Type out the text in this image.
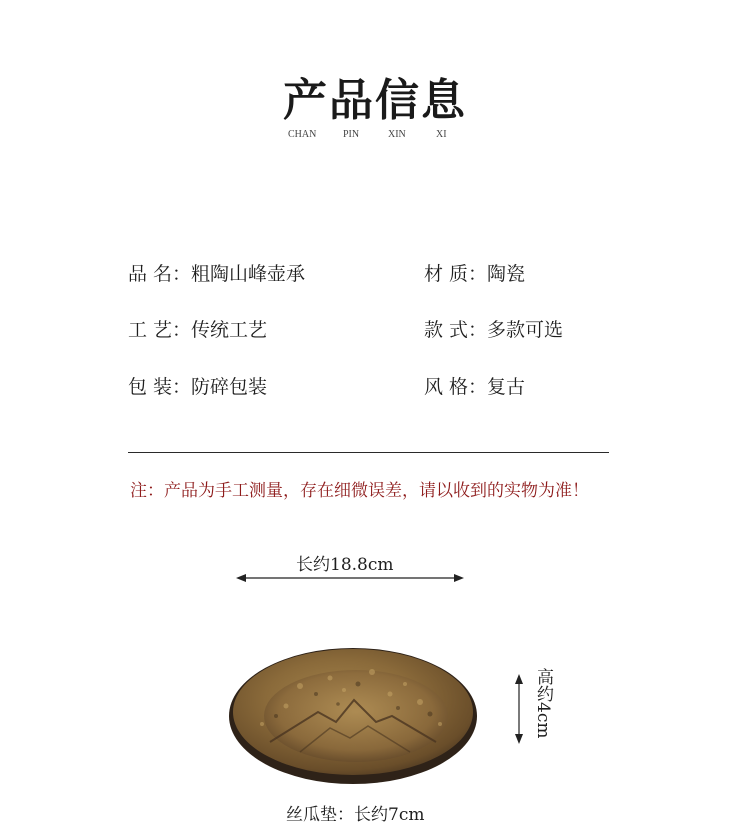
产品信息
CHAN	PIN	XIN	XI
品 名：粗陶山峰壶承	材 质：陶瓷
工 艺：传统工艺	款 式：多款可选
包 装：防碎包装	风 格：复古
注：产品为手工测量，存在细微误差，请以收到的实物为准！
长约18.8cm
高约4cm
丝瓜垫：长约7cm
